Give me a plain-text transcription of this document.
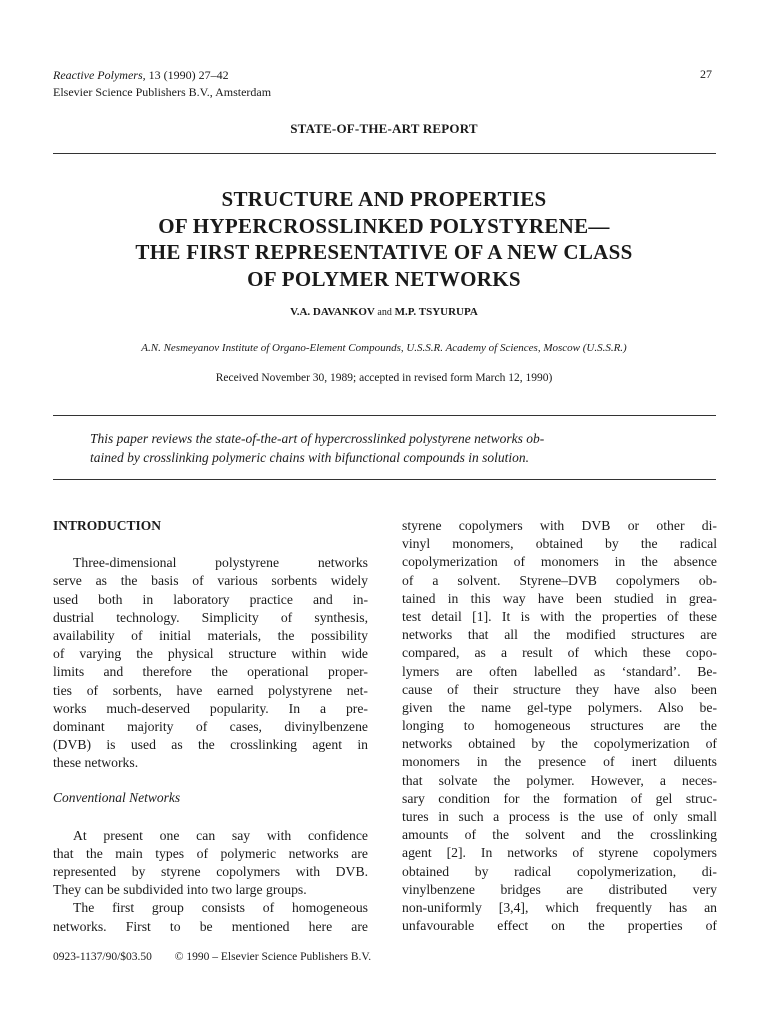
Reactive Polymers, 13 (1990) 27–42
Elsevier Science Publishers B.V., Amsterdam
27
STATE-OF-THE-ART REPORT
STRUCTURE AND PROPERTIES
OF HYPERCROSSLINKED POLYSTYRENE—
THE FIRST REPRESENTATIVE OF A NEW CLASS
OF POLYMER NETWORKS
V.A. DAVANKOV and M.P. TSYURUPA
A.N. Nesmeyanov Institute of Organo-Element Compounds, U.S.S.R. Academy of Sciences, Moscow (U.S.S.R.)
Received November 30, 1989; accepted in revised form March 12, 1990)
This paper reviews the state-of-the-art of hypercrosslinked polystyrene networks ob-
tained by crosslinking polymeric chains with bifunctional compounds in solution.
INTRODUCTION
Three-dimensional polystyrene networks
serve as the basis of various sorbents widely
used both in laboratory practice and in-
dustrial technology. Simplicity of synthesis,
availability of initial materials, the possibility
of varying the physical structure within wide
limits and therefore the operational proper-
ties of sorbents, have earned polystyrene net-
works much-deserved popularity. In a pre-
dominant majority of cases, divinylbenzene
(DVB) is used as the crosslinking agent in
these networks.
Conventional Networks
At present one can say with confidence
that the main types of polymeric networks are
represented by styrene copolymers with DVB.
They can be subdivided into two large groups.
The first group consists of homogeneous
networks. First to be mentioned here are
styrene copolymers with DVB or other di-
vinyl monomers, obtained by the radical
copolymerization of monomers in the absence
of a solvent. Styrene–DVB copolymers ob-
tained in this way have been studied in grea-
test detail [1]. It is with the properties of these
networks that all the modified structures are
compared, as a result of which these copo-
lymers are often labelled as ‘standard’. Be-
cause of their structure they have also been
given the name gel-type polymers. Also be-
longing to homogeneous structures are the
networks obtained by the copolymerization of
monomers in the presence of inert diluents
that solvate the polymer. However, a neces-
sary condition for the formation of gel struc-
tures in such a process is the use of only small
amounts of the solvent and the crosslinking
agent [2]. In networks of styrene copolymers
obtained by radical copolymerization, di-
vinylbenzene bridges are distributed very
non-uniformly [3,4], which frequently has an
unfavourable effect on the properties of
0923-1137/90/$03.50 © 1990 – Elsevier Science Publishers B.V.
